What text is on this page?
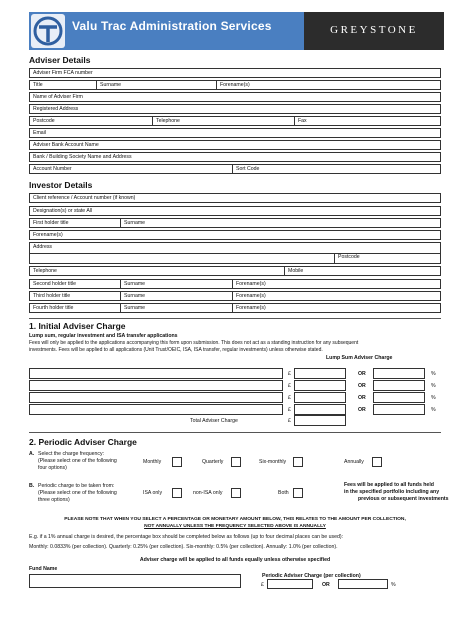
Valu Trac Administration Services	GREYSTONE
Adviser Details
Adviser Firm FCA number
Title	Surname	Forename(s)
Name of Adviser Firm
Registered Address
Postcode	Telephone	Fax
Email
Adviser Bank Account Name
Bank / Building Society Name and Address
Account Number	Sort Code
Investor Details
Client reference / Account number (if known)
Designation(s) or state All
First holder title	Surname
Forename(s)
Address
Postcode
Telephone	Mobile
Second holder title	Surname	Forename(s)
Third holder title	Surname	Forename(s)
Fourth holder title	Surname	Forename(s)
1. Initial Adviser Charge
Lump sum, regular investment and ISA transfer applications
Fees will only be applied to the applications accompanying this form upon submission. This does not act as a standing instruction for any subsequent
investments. Fees will be applied to all applications (Unit Trust/OEIC, ISA, ISA transfer, regular investments) unless otherwise stated.
Lump Sum Adviser Charge
£	OR	%
£	OR	%
£	OR	%
£	OR	%
Total Adviser Charge	£
2. Periodic Adviser Charge
A. Select the charge frequency:
(Please select one of the following
four options)
Monthly	Quarterly	Six-monthly	Annually
B. Periodic charge to be taken from:
(Please select one of the following
three options)
ISA only	non-ISA only	Both
Fees will be applied to all funds held
in the specified portfolio including any
previous or subsequent investments
PLEASE NOTE THAT WHEN YOU SELECT A PERCENTAGE OR MONETARY AMOUNT BELOW, THIS RELATES TO THE AMOUNT PER COLLECTION,
NOT ANNUALLY UNLESS THE FREQUENCY SELECTED ABOVE IS ANNUALLY
E.g. if a 1% annual charge is desired, the percentage box should be completed below as follows (up to four decimal places can be used):
Monthly: 0.0833% (per collection). Quarterly: 0.25% (per collection). Six-monthly: 0.5% (per collection). Annually: 1.0% (per collection).
Adviser charge will be applied to all funds equally unless otherwise specified
Fund Name
Periodic Adviser Charge (per collection)
£	OR	%
